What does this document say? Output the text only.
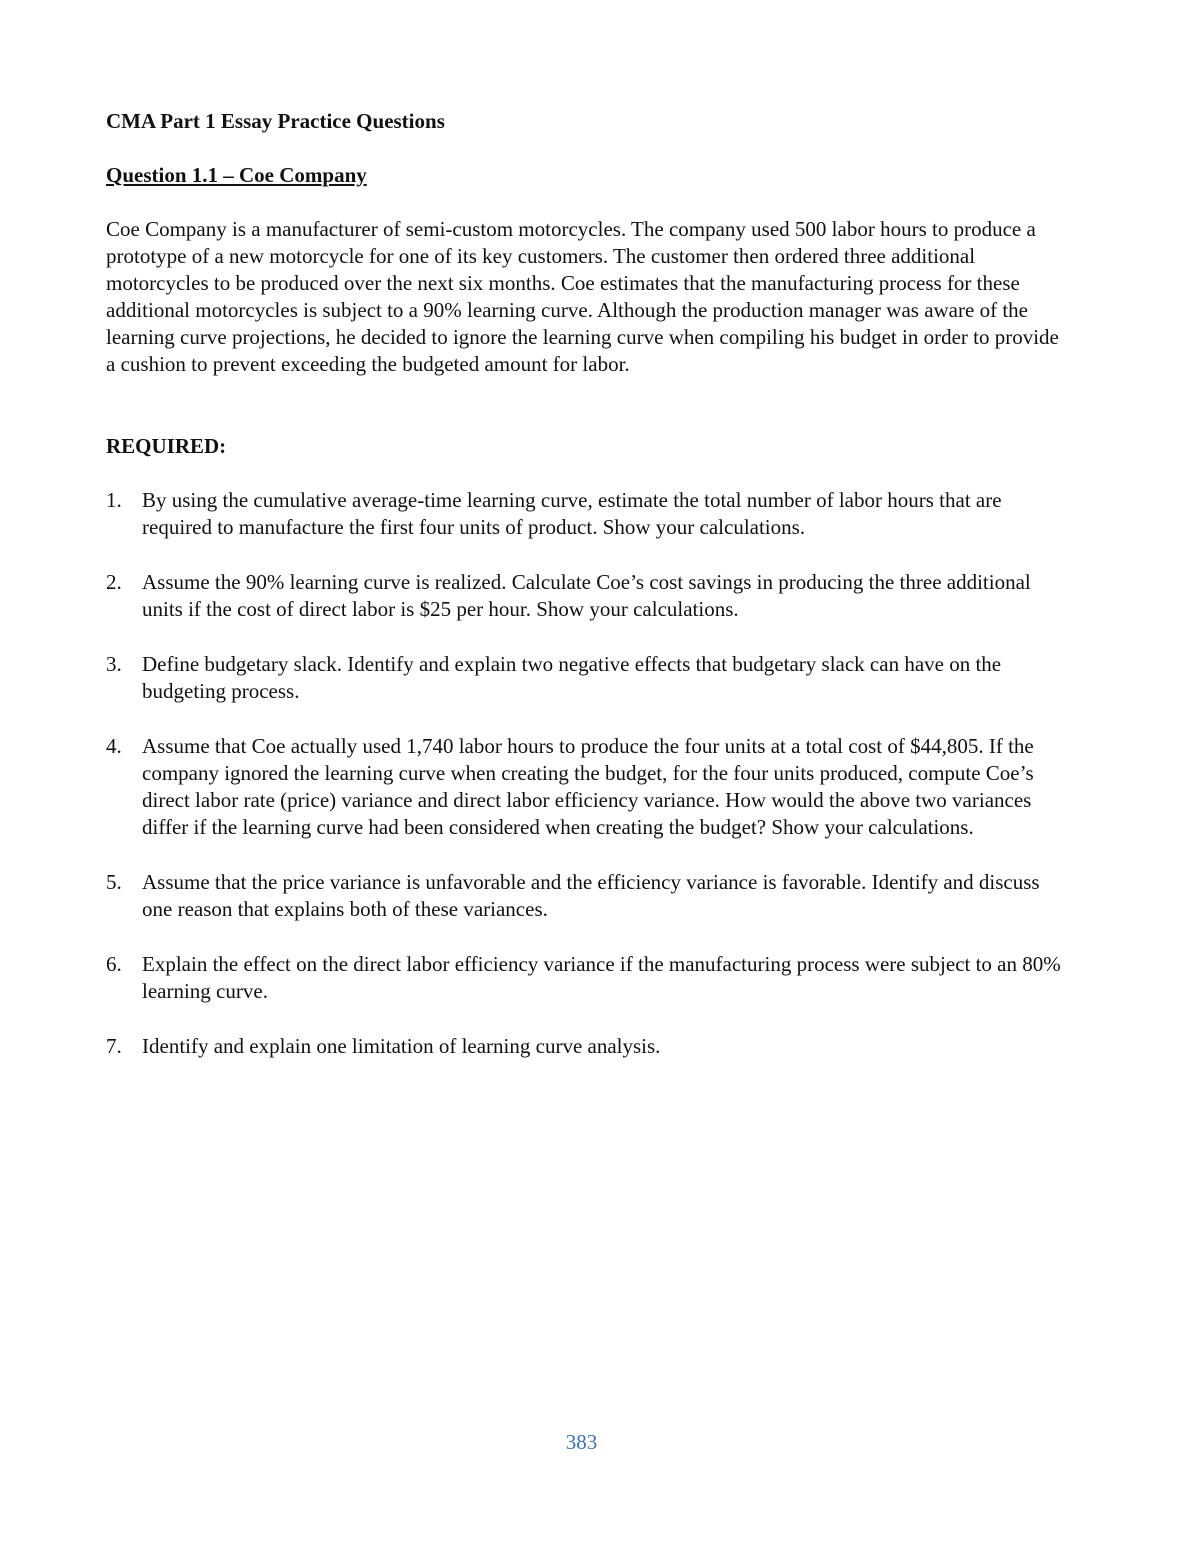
CMA Part 1 Essay Practice Questions
Question 1.1 – Coe Company

Coe Company is a manufacturer of semi-custom motorcycles. The company used 500 labor hours to produce a prototype of a new motorcycle for one of its key customers. The customer then ordered three additional motorcycles to be produced over the next six months. Coe estimates that the manufacturing process for these additional motorcycles is subject to a 90% learning curve. Although the production manager was aware of the learning curve projections, he decided to ignore the learning curve when compiling his budget in order to provide a cushion to prevent exceeding the budgeted amount for labor.

REQUIRED:

1. By using the cumulative average-time learning curve, estimate the total number of labor hours that are required to manufacture the first four units of product. Show your calculations.
2. Assume the 90% learning curve is realized. Calculate Coe’s cost savings in producing the three additional units if the cost of direct labor is $25 per hour. Show your calculations.
3. Define budgetary slack. Identify and explain two negative effects that budgetary slack can have on the budgeting process.
4. Assume that Coe actually used 1,740 labor hours to produce the four units at a total cost of $44,805. If the company ignored the learning curve when creating the budget, for the four units produced, compute Coe’s direct labor rate (price) variance and direct labor efficiency variance. How would the above two variances differ if the learning curve had been considered when creating the budget? Show your calculations.
5. Assume that the price variance is unfavorable and the efficiency variance is favorable. Identify and discuss one reason that explains both of these variances.
6. Explain the effect on the direct labor efficiency variance if the manufacturing process were subject to an 80% learning curve.
7. Identify and explain one limitation of learning curve analysis.
383
